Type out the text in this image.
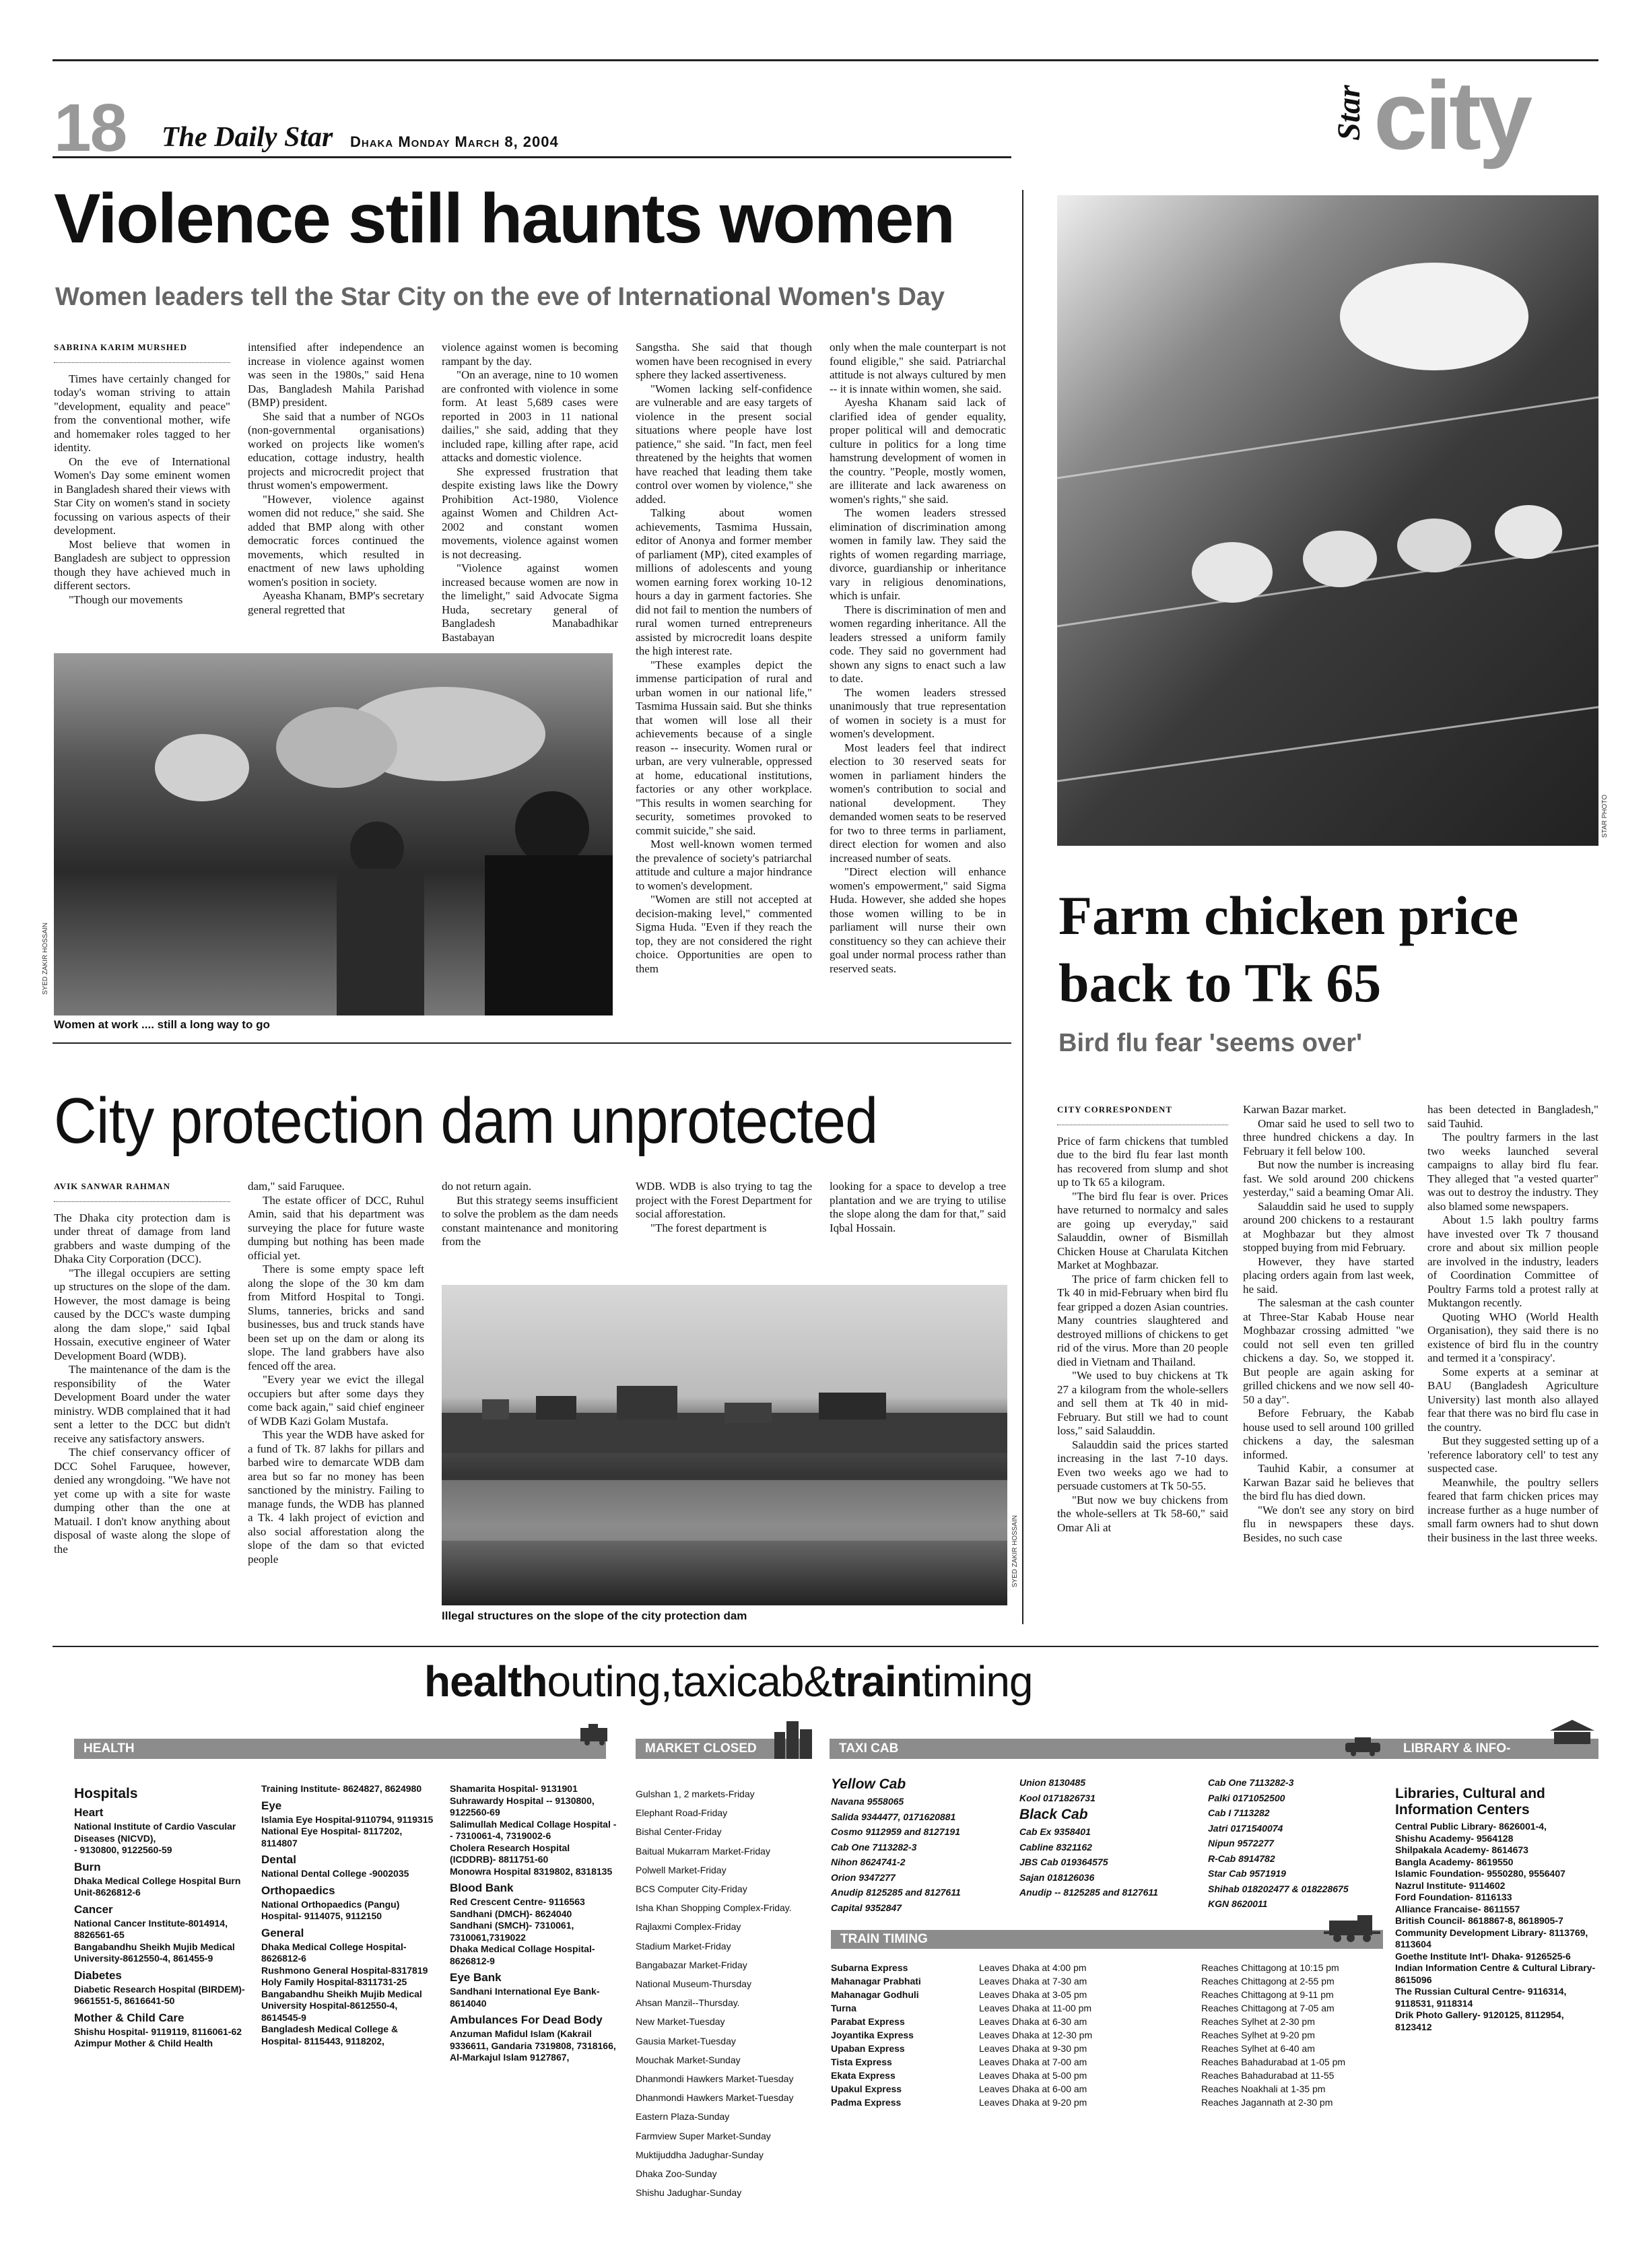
18 The Daily Star Dhaka Monday March 8, 2004
Star city
Violence still haunts women
Women leaders tell the Star City on the eve of International Women's Day
SABRINA KARIM MURSHED

Times have certainly changed for today's woman striving to attain "development, equality and peace" from the conventional mother, wife and homemaker roles tagged to her identity.

On the eve of International Women's Day some eminent women in Bangladesh shared their views with Star City on women's stand in society focussing on various aspects of their development.

Most believe that women in Bangladesh are subject to oppression though they have achieved much in different sectors.

"Though our movements

intensified after independence an increase in violence against women was seen in the 1980s," said Hena Das, Bangladesh Mahila Parishad (BMP) president.

She said that a number of NGOs (non-governmental organisations) worked on projects like women's education, cottage industry, health projects and microcredit project that thrust women's empowerment.

"However, violence against women did not reduce," she said. She added that BMP along with other democratic forces continued the movements, which resulted in enactment of new laws upholding women's position in society.

Ayeasha Khanam, BMP's secretary general regretted that

violence against women is becoming rampant by the day.

"On an average, nine to 10 women are confronted with violence in some form. At least 5,689 cases were reported in 2003 in 11 national dailies," she said, adding that they included rape, killing after rape, acid attacks and domestic violence.

She expressed frustration that despite existing laws like the Dowry Prohibition Act-1980, Violence against Women and Children Act-2002 and constant women movements, violence against women is not decreasing.

"Violence against women increased because women are now in the limelight," said Advocate Sigma Huda, secretary general of Bangladesh Manabadhikar Bastabayan

Sangstha. She said that though women have been recognised in every sphere they lacked assertiveness.

"Women lacking self-confidence are vulnerable and are easy targets of violence in the present social situations where people have lost patience," she said. "In fact, men feel threatened by the heights that women have reached that leading them take control over women by violence," she added.

Talking about women achievements, Tasmima Hussain, editor of Anonya and former member of parliament (MP), cited examples of millions of adolescents and young women earning forex working 10-12 hours a day in garment factories. She did not fail to mention the numbers of rural women turned entrepreneurs assisted by microcredit loans despite the high interest rate.

"These examples depict the immense participation of rural and urban women in our national life," Tasmima Hussain said. But she thinks that women will lose all their achievements because of a single reason -- insecurity. Women rural or urban, are very vulnerable, oppressed at home, educational institutions, factories or any other workplace. "This results in women searching for security, sometimes provoked to commit suicide," she said.

Most well-known women termed the prevalence of society's patriarchal attitude and culture a major hindrance to women's development.

"Women are still not accepted at decision-making level," commented Sigma Huda. "Even if they reach the top, they are not considered the right choice. Opportunities are open to them

only when the male counterpart is not found eligible," she said. Patriarchal attitude is not always cultured by men -- it is innate within women, she said.

Ayesha Khanam said lack of clarified idea of gender equality, proper political will and democratic culture in politics for a long time hamstrung development of women in the country. "People, mostly women, are illiterate and lack awareness on women's rights," she said.

The women leaders stressed elimination of discrimination among women in family law. They said the rights of women regarding marriage, divorce, guardianship or inheritance vary in religious denominations, which is unfair.

There is discrimination of men and women regarding inheritance. All the leaders stressed a uniform family code. They said no government had shown any signs to enact such a law to date.

The women leaders stressed unanimously that true representation of women in society is a must for women's development.

Most leaders feel that indirect election to 30 reserved seats for women in parliament hinders the women's contribution to social and national development. They demanded women seats to be reserved for two to three terms in parliament, direct election for women and also increased number of seats.

"Direct election will enhance women's empowerment," said Sigma Huda. However, she added she hopes those women willing to be in parliament will nurse their own constituency so they can achieve their goal under normal process rather than reserved seats.

SYED ZAKIR HOSSAIN
Women at work .... still a long way to go
STAR PHOTO
Farm chicken price back to Tk 65
Bird flu fear 'seems over'
CITY CORRESPONDENT

Price of farm chickens that tumbled due to the bird flu fear last month has recovered from slump and shot up to Tk 65 a kilogram.

"The bird flu fear is over. Prices have returned to normalcy and sales are going up everyday," said Salauddin, owner of Bismillah Chicken House at Charulata Kitchen Market at Moghbazar.

The price of farm chicken fell to Tk 40 in mid-February when bird flu fear gripped a dozen Asian countries. Many countries slaughtered and destroyed millions of chickens to get rid of the virus. More than 20 people died in Vietnam and Thailand.

"We used to buy chickens at Tk 27 a kilogram from the whole-sellers and sell them at Tk 40 in mid-February. But still we had to count loss," said Salauddin.

Salauddin said the prices started increasing in the last 7-10 days. Even two weeks ago we had to persuade customers at Tk 50-55.

"But now we buy chickens from the whole-sellers at Tk 58-60," said Omar Ali at

Karwan Bazar market.

Omar said he used to sell two to three hundred chickens a day. In February it fell below 100.

But now the number is increasing fast. We sold around 200 chickens yesterday," said a beaming Omar Ali.

Salauddin said he used to supply around 200 chickens to a restaurant at Moghbazar but they almost stopped buying from mid February.

However, they have started placing orders again from last week, he said.

The salesman at the cash counter at Three-Star Kabab House near Moghbazar crossing admitted "we could not sell even ten grilled chickens a day. So, we stopped it. But people are again asking for grilled chickens and we now sell 40-50 a day".

Before February, the Kabab house used to sell around 100 grilled chickens a day, the salesman informed.

Tauhid Kabir, a consumer at Karwan Bazar said he believes that the bird flu has died down.

"We don't see any story on bird flu in newspapers these days. Besides, no such case

has been detected in Bangladesh," said Tauhid.

The poultry farmers in the last two weeks launched several campaigns to allay bird flu fear. They alleged that "a vested quarter" was out to destroy the industry. They also blamed some newspapers.

About 1.5 lakh poultry farms have invested over Tk 7 thousand crore and about six million people are involved in the industry, leaders of Coordination Committee of Poultry Farms told a protest rally at Muktangon recently.

Quoting WHO (World Health Organisation), they said there is no existence of bird flu in the country and termed it a 'conspiracy'.

Some experts at a seminar at BAU (Bangladesh Agriculture University) last month also allayed fear that there was no bird flu case in the country.

But they suggested setting up of a 'reference laboratory cell' to test any suspected case.

Meanwhile, the poultry sellers feared that farm chicken prices may increase further as a huge number of small farm owners had to shut down their business in the last three weeks.

City protection dam unprotected
AVIK SANWAR RAHMAN

The Dhaka city protection dam is under threat of damage from land grabbers and waste dumping of the Dhaka City Corporation (DCC).

"The illegal occupiers are setting up structures on the slope of the dam. However, the most damage is being caused by the DCC's waste dumping along the dam slope," said Iqbal Hossain, executive engineer of Water Development Board (WDB).

The maintenance of the dam is the responsibility of the Water Development Board under the water ministry. WDB complained that it had sent a letter to the DCC but didn't receive any satisfactory answers.

The chief conservancy officer of DCC Sohel Faruquee, however, denied any wrongdoing. "We have not yet come up with a site for waste dumping other than the one at Matuail. I don't know anything about disposal of waste along the slope of the

dam," said Faruquee.

The estate officer of DCC, Ruhul Amin, said that his department was surveying the place for future waste dumping but nothing has been made official yet.

There is some empty space left along the slope of the 30 km dam from Mitford Hospital to Tongi. Slums, tanneries, bricks and sand businesses, bus and truck stands have been set up on the dam or along its slope. The land grabbers have also fenced off the area.

"Every year we evict the illegal occupiers but after some days they come back again," said chief engineer of WDB Kazi Golam Mustafa.

This year the WDB have asked for a fund of Tk. 87 lakhs for pillars and barbed wire to demarcate WDB dam area but so far no money has been sanctioned by the ministry. Failing to manage funds, the WDB has planned a Tk. 4 lakh project of eviction and also social afforestation along the slope of the dam so that evicted people

do not return again.

But this strategy seems insufficient to solve the problem as the dam needs constant maintenance and monitoring from the

WDB. WDB is also trying to tag the project with the Forest Department for social afforestation.

"The forest department is

looking for a space to develop a tree plantation and we are trying to utilise the slope along the dam for that," said Iqbal Hossain.

SYED ZAKIR HOSSAIN
Illegal structures on the slope of the city protection dam
healthouting,taxicab&traintiming
HEALTH	MARKET CLOSED	TAXI CAB	LIBRARY & INFO-
Hospitals
Heart
National Institute of Cardio Vascular Diseases (NICVD),
- 9130800, 9122560-59
Burn
Dhaka Medical College Hospital Burn Unit-8626812-6
Cancer
National Cancer Institute-8014914, 8826561-65
Bangabandhu Sheikh Mujib Medical University-8612550-4, 861455-9
Diabetes
Diabetic Research Hospital (BIRDEM)- 9661551-5, 8616641-50
Mother & Child Care
Shishu Hospital- 9119119, 8116061-62
Azimpur Mother & Child Health
Training Institute- 8624827, 8624980
Eye
Islamia Eye Hospital-9110794, 9119315
National Eye Hospital- 8117202, 8114807
Dental
National Dental College -9002035
Orthopaedics
National Orthopaedics (Pangu) Hospital- 9114075, 9112150
General
Dhaka Medical College Hospital-8626812-6
Rushmono General Hospital-8317819
Holy Family Hospital-8311731-25
Bangabandhu Sheikh Mujib Medical University Hospital-8612550-4, 8614545-9
Bangladesh Medical College & Hospital- 8115443, 9118202,
Shamarita Hospital- 9131901
Suhrawardy Hospital -- 9130800, 9122560-69
Salimullah Medical Collage Hospital -- 7310061-4, 7319002-6
Cholera Research Hospital (ICDDRB)- 8811751-60
Monowra Hospital 8319802, 8318135
Blood Bank
Red Crescent Centre- 9116563
Sandhani (DMCH)- 8624040
Sandhani (SMCH)- 7310061, 7310061,7319022
Dhaka Medical Collage Hospital-8626812-9
Eye Bank
Sandhani International Eye Bank-8614040
Ambulances For Dead Body
Anzuman Mafidul Islam (Kakrail 9336611, Gandaria 7319808, 7318166,
Al-Markajul Islam 9127867,
Gulshan 1, 2 markets-Friday
Elephant Road-Friday
Bishal Center-Friday
Baitual Mukarram Market-Friday
Polwell Market-Friday
BCS Computer City-Friday
Isha Khan Shopping Complex-Friday.
Rajlaxmi Complex-Friday
Stadium Market-Friday
Bangabazar Market-Friday
National Museum-Thursday
Ahsan Manzil--Thursday.
New Market-Tuesday
Gausia Market-Tuesday
Mouchak Market-Sunday
Dhanmondi Hawkers Market-Tuesday
Dhanmondi Hawkers Market-Tuesday
Eastern Plaza-Sunday
Farmview Super Market-Sunday
Muktijuddha Jadughar-Sunday
Dhaka Zoo-Sunday
Shishu Jadughar-Sunday
Yellow Cab
Navana 9558065
Salida 9344477, 0171620881
Cosmo 9112959 and 8127191
Cab One 7113282-3
Nihon 8624741-2
Orion 9347277
Anudip 8125285 and 8127611
Capital 9352847
Union 8130485
Kool 0171826731
Black Cab
Cab Ex 9358401
Cabline 8321162
JBS Cab 019364575
Sajan 018126036
Anudip -- 8125285 and 8127611
Cab One 7113282-3
Palki 0171052500
Cab I 7113282
Jatri 0171540074
Nipun 9572277
R-Cab 8914782
Star Cab 9571919
Shihab 018202477 & 018228675
KGN 8620011
TRAIN TIMING
Subarna Express	Leaves Dhaka at 4:00 pm	Reaches Chittagong at 10:15 pm
Mahanagar Prabhati	Leaves Dhaka at 7-30 am	Reaches Chittagong at 2-55 pm
Mahanagar Godhuli	Leaves Dhaka at 3-05 pm	Reaches Chittagong at 9-11 pm
Turna	Leaves Dhaka at 11-00 pm	Reaches Chittagong at 7-05 am
Parabat Express	Leaves Dhaka at 6-30 am	Reaches Sylhet at 2-30 pm
Joyantika Express	Leaves Dhaka at 12-30 pm	Reaches Sylhet at 9-20 pm
Upaban Express	Leaves Dhaka at 9-30 pm	Reaches Sylhet at 6-40 am
Tista Express	Leaves Dhaka at 7-00 am	Reaches Bahadurabad at 1-05 pm
Ekata Express	Leaves Dhaka at 5-00 pm	Reaches Bahadurabad at 11-55
Upakul Express	Leaves Dhaka at 6-00 am	Reaches Noakhali at 1-35 pm
Padma Express	Leaves Dhaka at 9-20 pm	Reaches Jagannath at 2-30 pm
Libraries, Cultural and Information Centers
Central Public Library- 8626001-4,
Shishu Academy- 9564128
Shilpakala Academy- 8614673
Bangla Academy- 8619550
Islamic Foundation- 9550280, 9556407
Nazrul Institute- 9114602
Ford Foundation- 8116133
Alliance Francaise- 8611557
British Council- 8618867-8, 8618905-7
Community Development Library- 8113769, 8113604
Goethe Institute Int'l- Dhaka- 9126525-6
Indian Information Centre & Cultural Library- 8615096
The Russian Cultural Centre- 9116314, 9118531, 9118314
Drik Photo Gallery- 9120125, 8112954, 8123412
